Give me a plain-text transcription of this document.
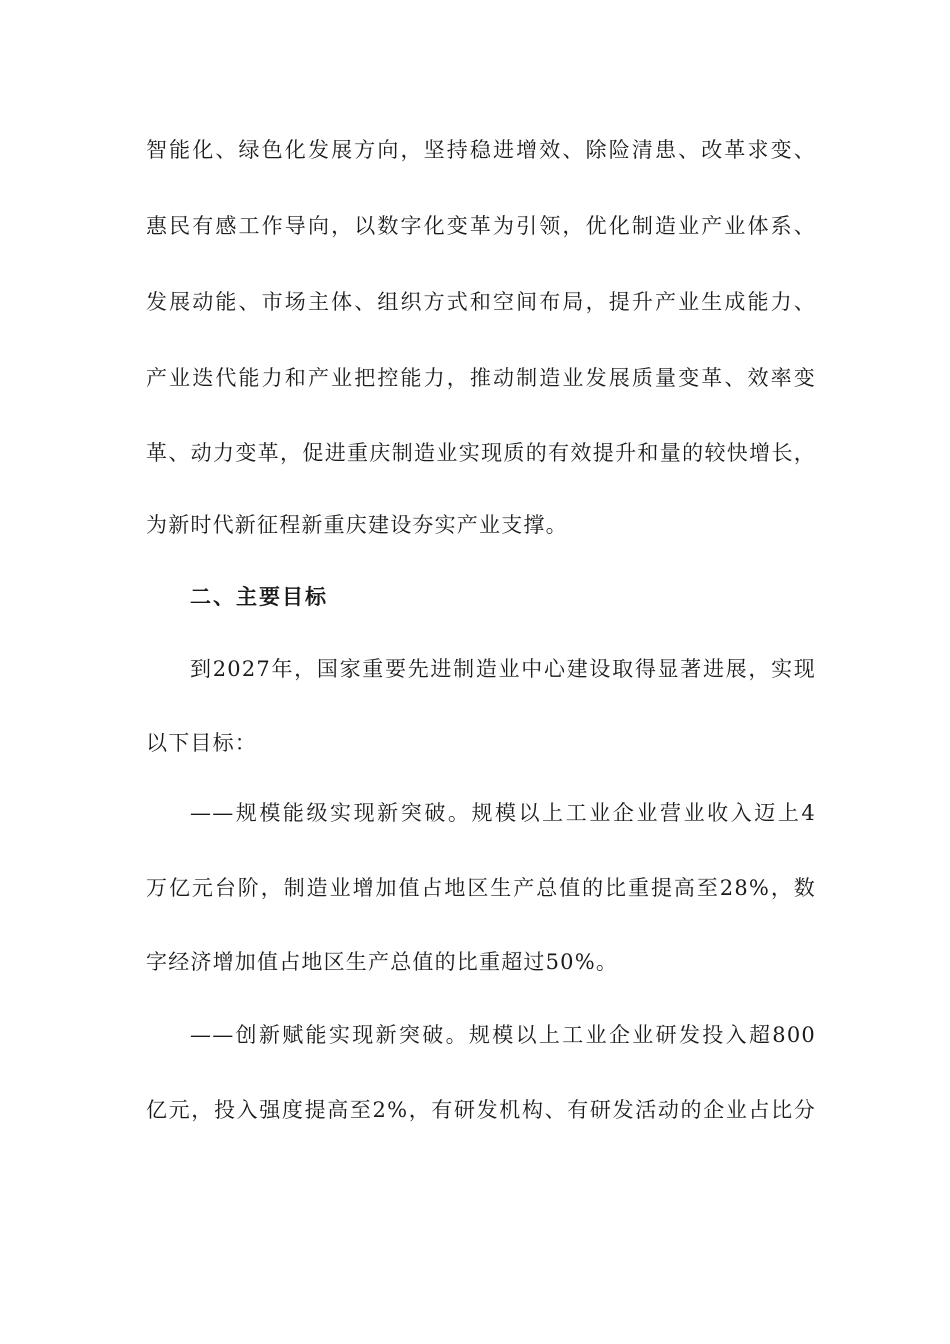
智能化、绿色化发展方向，坚持稳进增效、除险清患、改革求变、
惠民有感工作导向，以数字化变革为引领，优化制造业产业体系、
发展动能、市场主体、组织方式和空间布局，提升产业生成能力、
产业迭代能力和产业把控能力，推动制造业发展质量变革、效率变
革、动力变革，促进重庆制造业实现质的有效提升和量的较快增长，
为新时代新征程新重庆建设夯实产业支撑。
二、主要目标
到2027年，国家重要先进制造业中心建设取得显著进展，实现
以下目标：
——规模能级实现新突破。规模以上工业企业营业收入迈上4
万亿元台阶，制造业增加值占地区生产总值的比重提高至28%，数
字经济增加值占地区生产总值的比重超过50%。
——创新赋能实现新突破。规模以上工业企业研发投入超800
亿元，投入强度提高至2%，有研发机构、有研发活动的企业占比分
